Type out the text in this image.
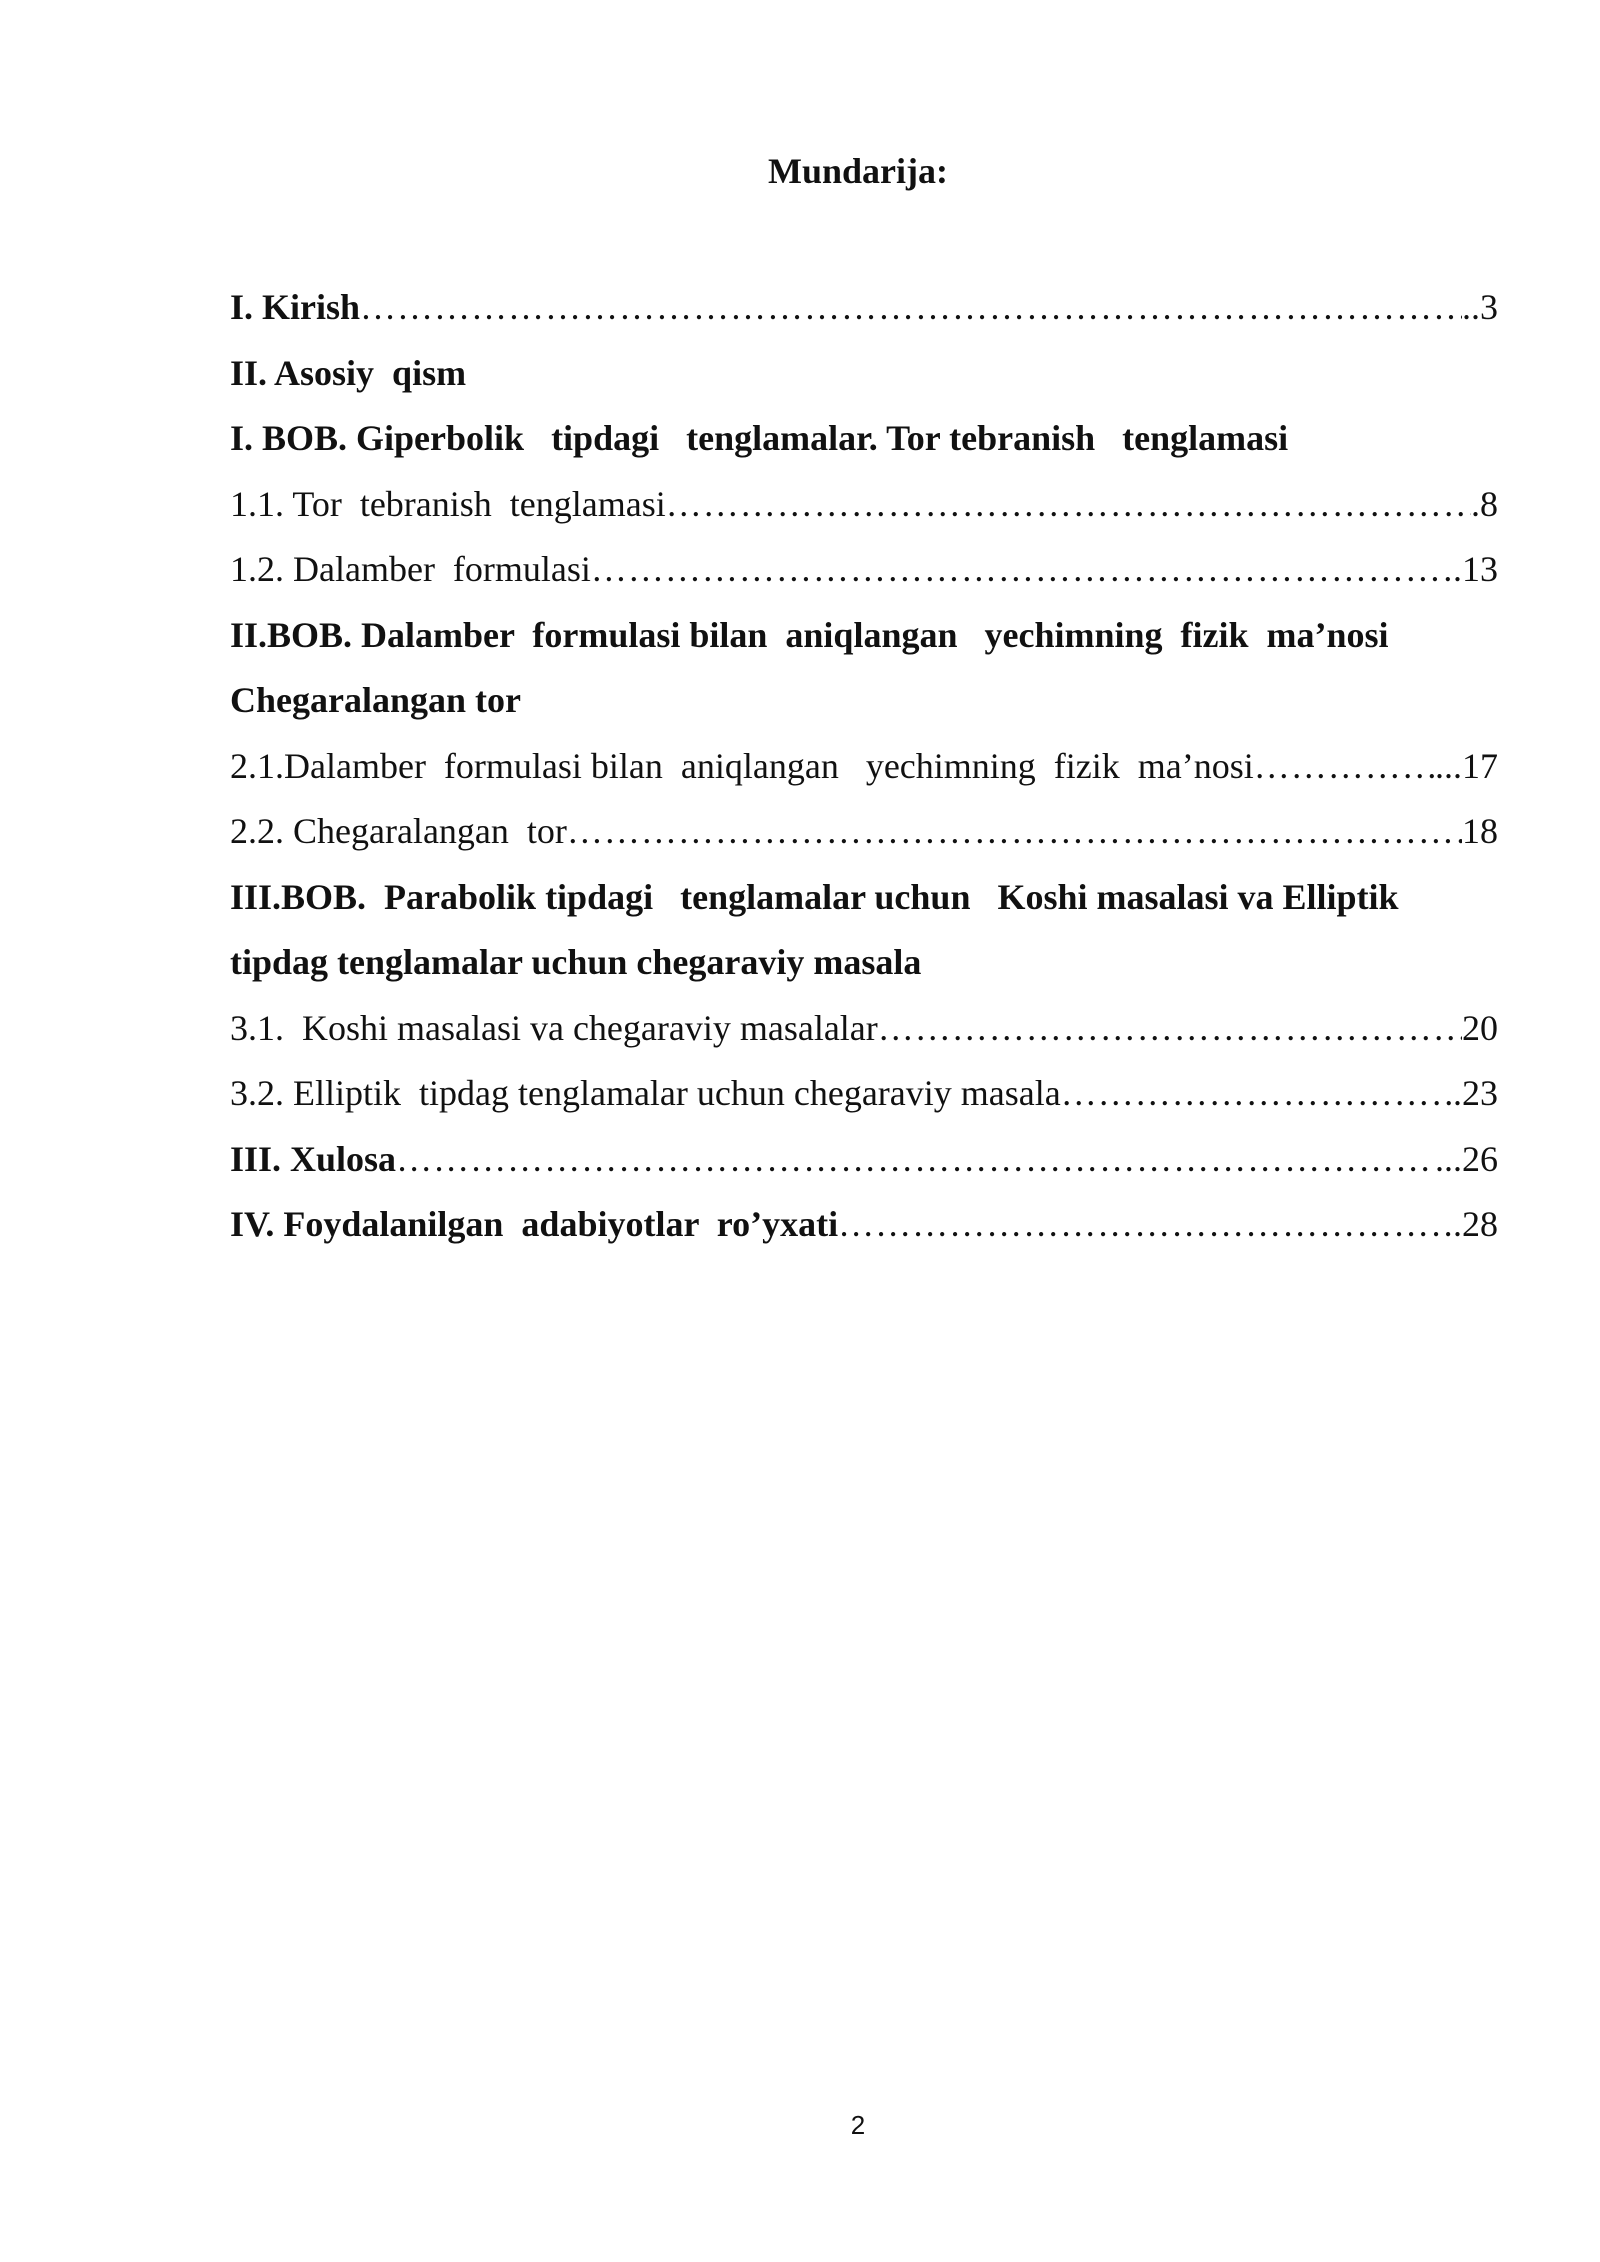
Mundarija:
I. Kirish …………………………………………………………………………………………………………………………………………………………………………………………………………	.. 3
II. Asosiy  qism
I. BOB. Giperbolik   tipdagi   tenglamalar. Tor tebranish   tenglamasi
1.1. Tor  tebranish  tenglamasi …………………………………………………………………………………………………………………………………………………………………………………………………………	. 8
1.2. Dalamber  formulasi …………………………………………………………………………………………………………………………………………………………………………………………………………	. 13
II.BOB. Dalamber  formulasi bilan  aniqlangan   yechimning  fizik  ma’nosi
Chegaralangan tor
2.1.Dalamber  formulasi bilan  aniqlangan   yechimning  fizik  ma’nosi …………………………………………………………………………………………………………………………………………………………………………………………………………	... 17
2.2. Chegaralangan  tor …………………………………………………………………………………………………………………………………………………………………………………………………………	18
III.BOB.  Parabolik tipdagi   tenglamalar uchun   Koshi masalasi va Elliptik
tipdag tenglamalar uchun chegaraviy masala
3.1.  Koshi masalasi va chegaraviy masalalar …………………………………………………………………………………………………………………………………………………………………………………………………………	20
3.2. Elliptik  tipdag tenglamalar uchun chegaraviy masala …………………………………………………………………………………………………………………………………………………………………………………………………………	. 23
III. Xulosa …………………………………………………………………………………………………………………………………………………………………………………………………………	... 26
IV. Foydalanilgan  adabiyotlar  ro’yxati …………………………………………………………………………………………………………………………………………………………………………………………………………	. 28
2
